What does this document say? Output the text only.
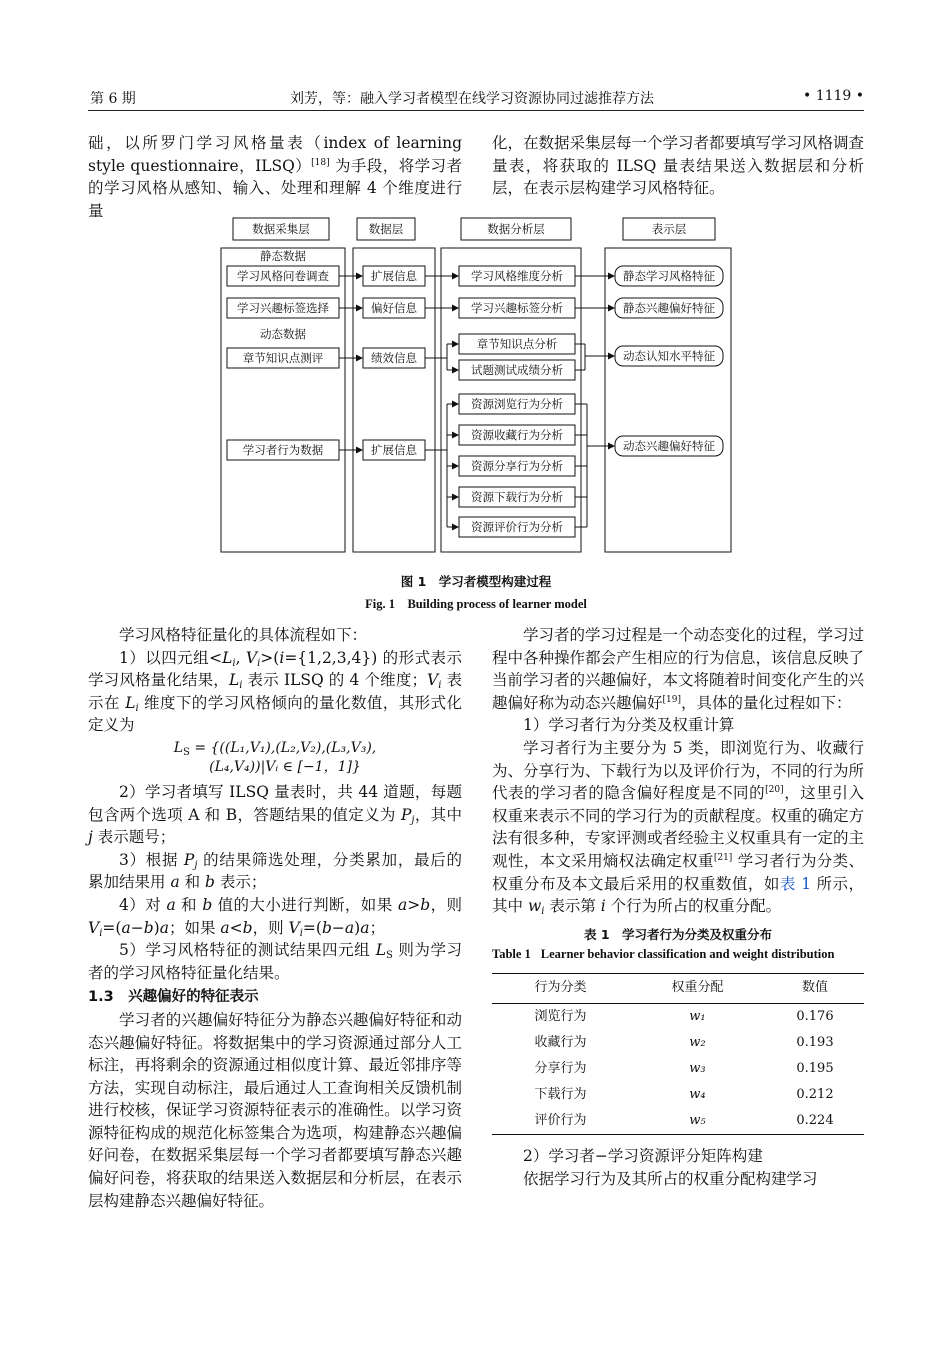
第 6 期	刘芳，等：融入学习者模型在线学习资源协同过滤推荐方法	• 1119 •

础，以所罗门学习风格量表（index of learning style questionnaire，ILSQ）[18] 为手段，将学习者的学习风格从感知、输入、处理和理解 4 个维度进行量

化，在数据采集层每一个学习者都要填写学习风格调查量表，将获取的 ILSQ 量表结果送入数据层和分析层，在表示层构建学习风格特征。

数据采集层	数据层	数据分析层	表示层
静态数据
动态数据
学习风格问卷调查
学习兴趣标签选择
章节知识点测评
学习者行为数据
扩展信息
偏好信息
绩效信息
扩展信息
学习风格维度分析
学习兴趣标签分析
章节知识点分析
试题测试成绩分析
资源浏览行为分析
资源收藏行为分析
资源分享行为分析
资源下载行为分析
资源评价行为分析
静态学习风格特征
静态兴趣偏好特征
动态认知水平特征
动态兴趣偏好特征
图 1　学习者模型构建过程
Fig. 1　Building process of learner model

学习风格特征量化的具体流程如下：

1）以四元组$<L_i$, $V_i>(i=\{1,2,3,4\})$ 的形式表示学习风格量化结果，$L_i$ 表示 ILSQ 的 4 个维度；$V_i$ 表示在 $L_i$ 维度下的学习风格倾向的量化数值，其形式化定义为

$L_S = \{((L_1,V_1),(L_2,V_2),(L_3,V_3)$,
(L₄,V₄))|Vᵢ ∈ [−1，1]}

2）学习者填写 ILSQ 量表时，共 44 道题，每题包含两个选项 A 和 B，答题结果的值定义为 $P_j$，其中 j 表示题号；

3）根据 $P_j$ 的结果筛选处理，分类累加，最后的累加结果用 a 和 b 表示；

4）对 a 和 b 值的大小进行判断，如果 a>b，则 $V_i=(a-b)a$；如果 a<b，则 $V_i=(b-a)a$；

5）学习风格特征的测试结果四元组 $L_S$ 则为学习者的学习风格特征量化结果。

1.3　兴趣偏好的特征表示

学习者的兴趣偏好特征分为静态兴趣偏好特征和动态兴趣偏好特征。将数据集中的学习资源通过部分人工标注，再将剩余的资源通过相似度计算、最近邻排序等方法，实现自动标注，最后通过人工查询相关反馈机制进行校核，保证学习资源特征表示的准确性。以学习资源特征构成的规范化标签集合为选项，构建静态兴趣偏好问卷，在数据采集层每一个学习者都要填写静态兴趣偏好问卷，将获取的结果送入数据层和分析层，在表示层构建静态兴趣偏好特征。

学习者的学习过程是一个动态变化的过程，学习过程中各种操作都会产生相应的行为信息，该信息反映了当前学习者的兴趣偏好，本文将随着时间变化产生的兴趣偏好称为动态兴趣偏好[19]，具体的量化过程如下：

1）学习者行为分类及权重计算

学习者行为主要分为 5 类，即浏览行为、收藏行为、分享行为、下载行为以及评价行为，不同的行为所代表的学习者的隐含偏好程度是不同的[20]，这里引入权重来表示不同的学习行为的贡献程度。权重的确定方法有很多种，专家评测或者经验主义权重具有一定的主观性，本文采用熵权法确定权重[21] 学习者行为分类、权重分布及本文最后采用的权重数值，如表 1 所示，其中 $w_i$ 表示第 i 个行为所占的权重分配。

表 1　学习者行为分类及权重分布

Table 1 Learner behavior classification and weight distribution
行为分类	权重分配	数值
浏览行为	w₁	0.176
收藏行为	w₂	0.193
分享行为	w₃	0.195
下载行为	w₄	0.212
评价行为	w₅	0.224

2）学习者−学习资源评分矩阵构建

依据学习行为及其所占的权重分配构建学习
